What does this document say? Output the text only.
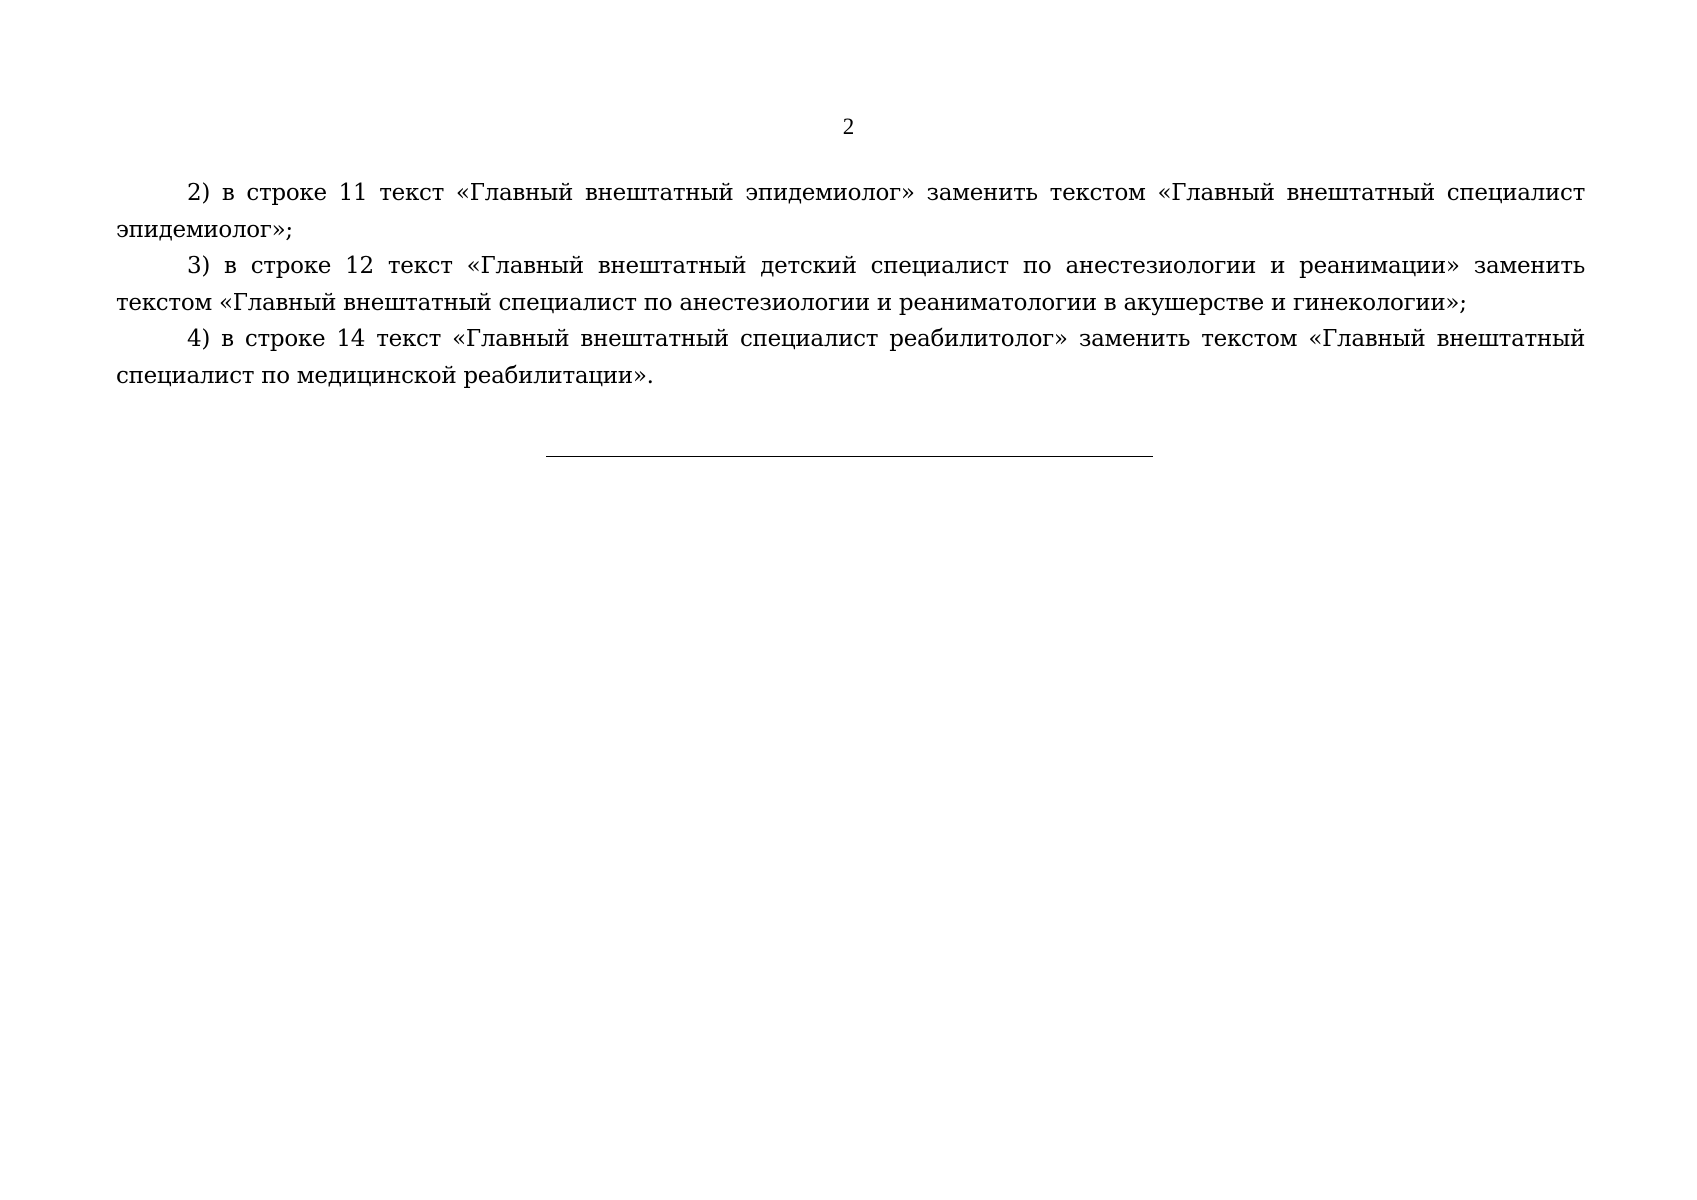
2

2) в строке 11 текст «Главный внештатный эпидемиолог» заменить текстом «Главный внештатный специалист эпидемиолог»;

3) в строке 12 текст «Главный внештатный детский специалист по анестезиологии и реанимации» заменить текстом «Главный внештатный специалист по анестезиологии и реаниматологии в акушерстве и гинекологии»;

4) в строке 14 текст «Главный внештатный специалист реабилитолог» заменить текстом «Главный внештатный специалист по медицинской реабилитации».
